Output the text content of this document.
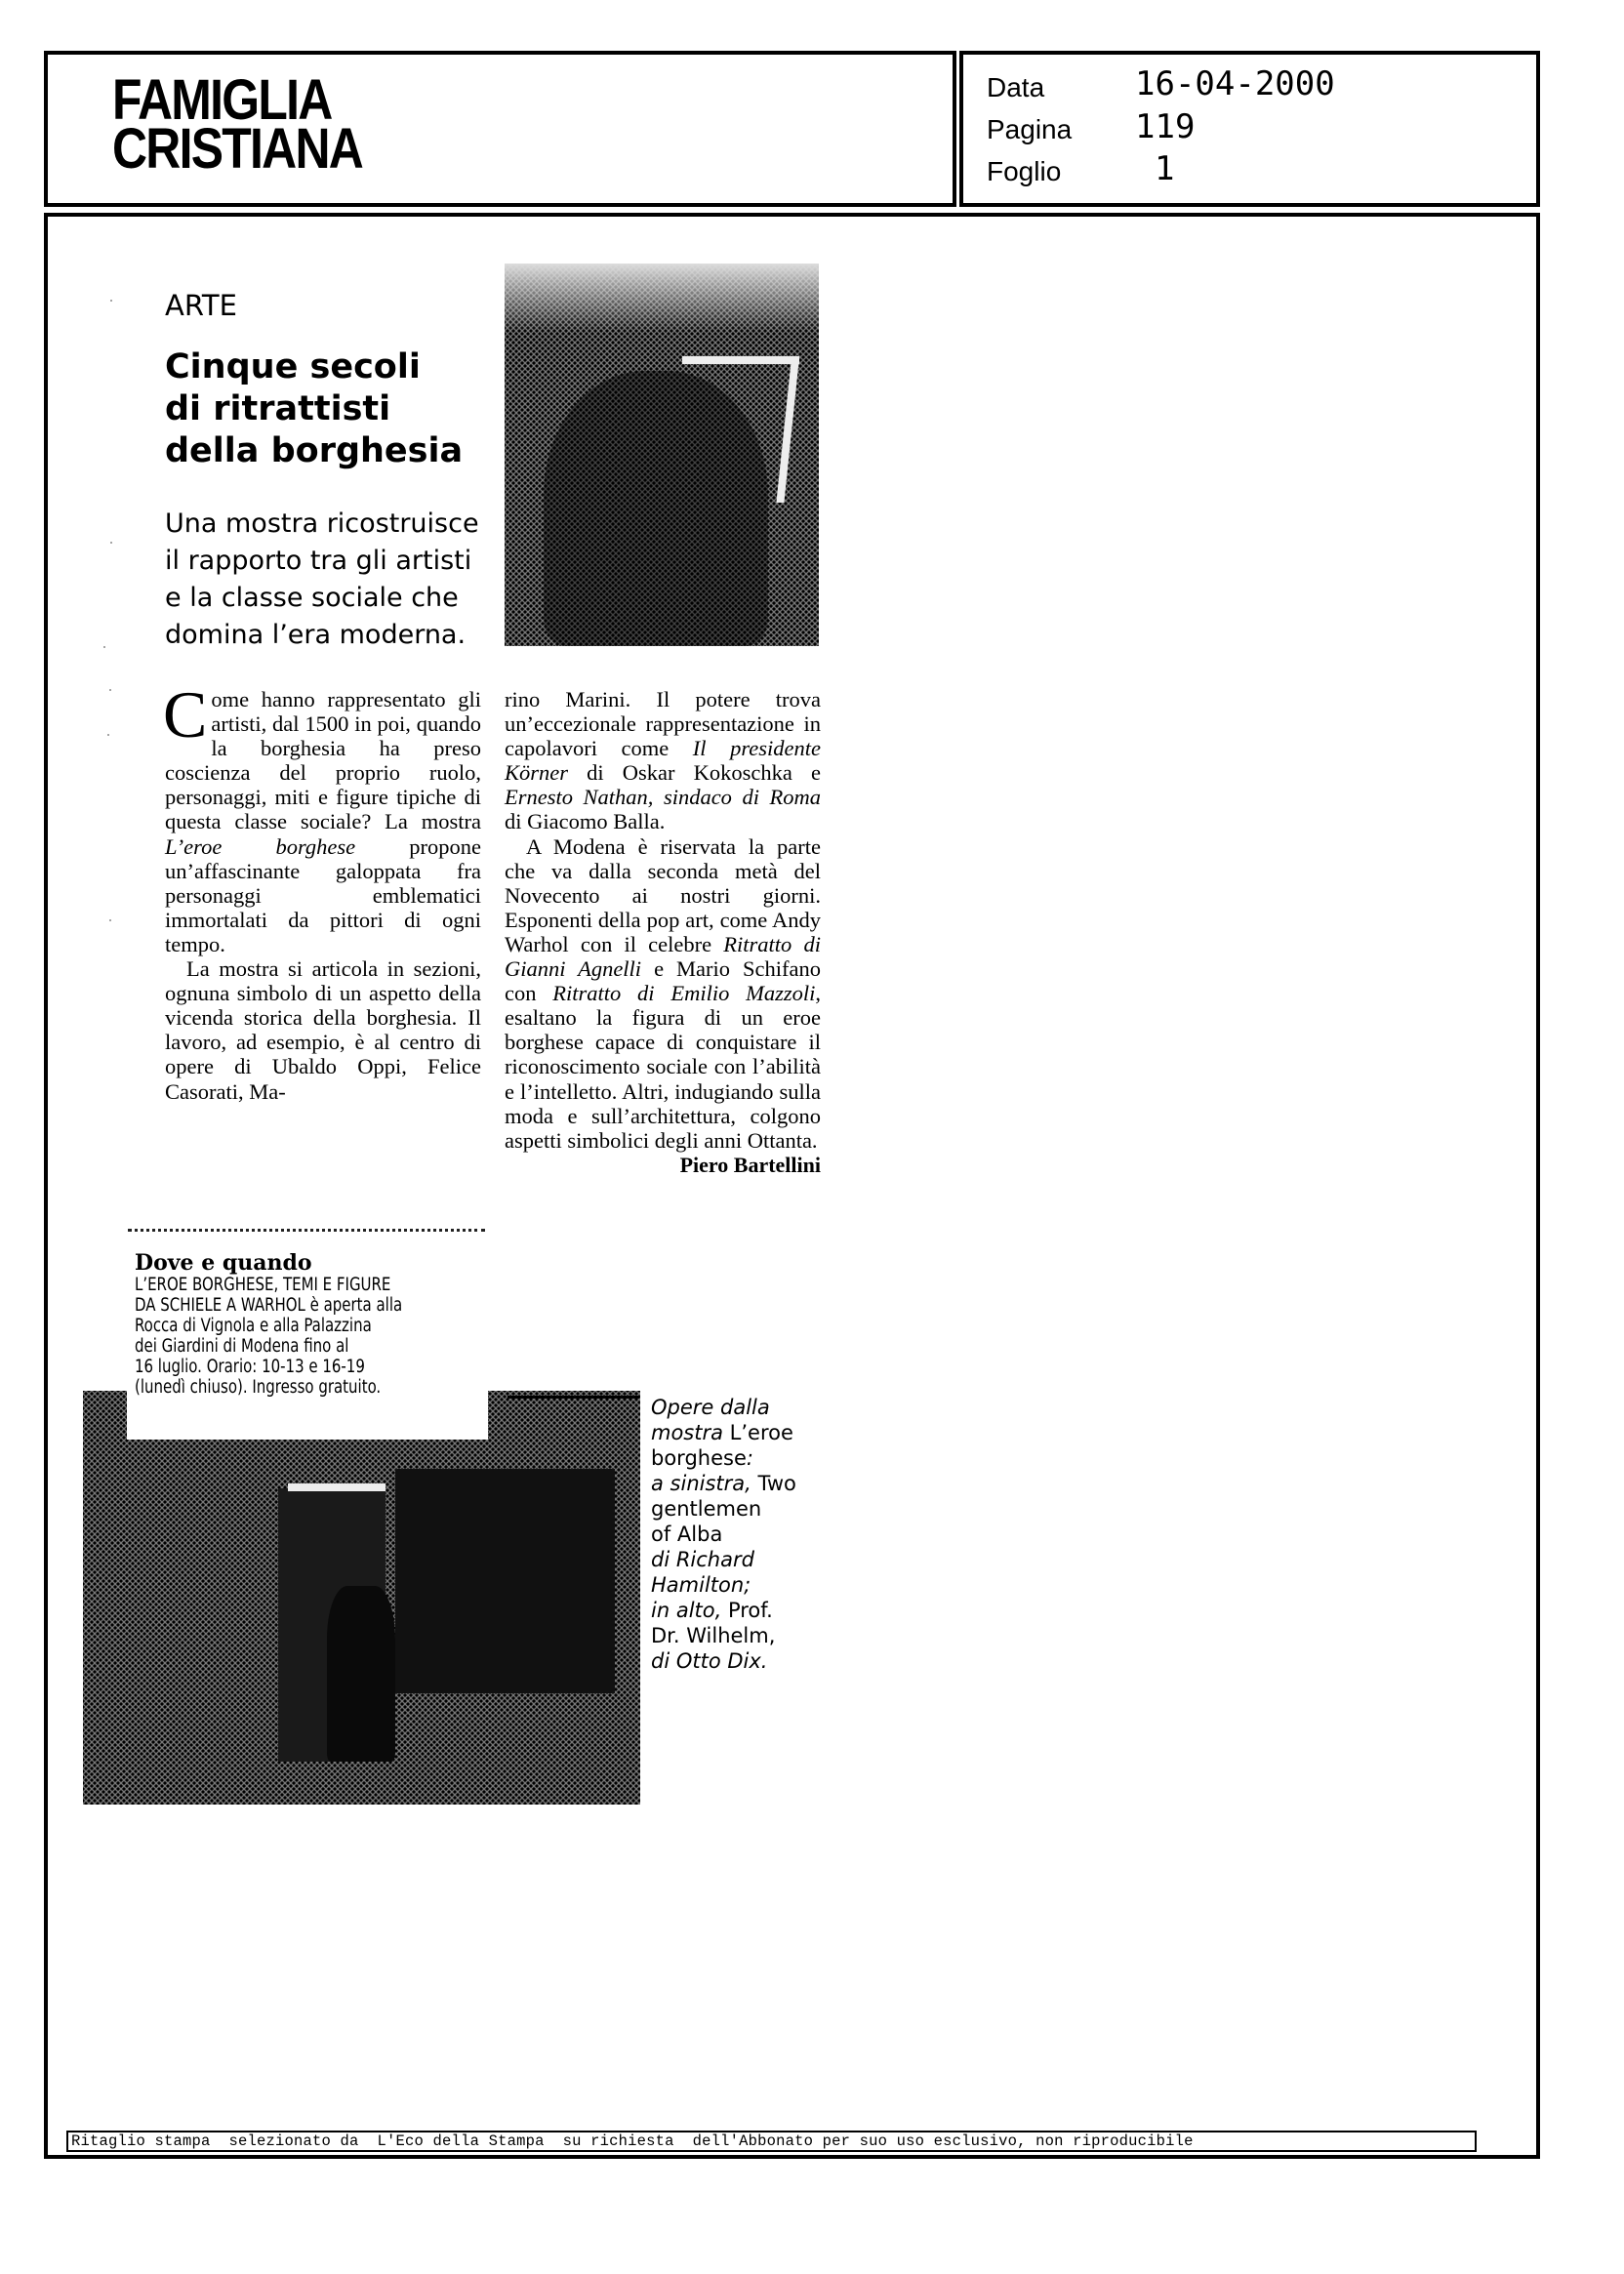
FAMIGLIA
CRISTIANA
Data	16-04-2000
Pagina 119
Foglio	1
ARTE
Cinque secoli
di ritrattisti
della borghesia
Una mostra ricostruisce
il rapporto tra gli artisti
e la classe sociale che
domina l’era moderna.

Come hanno rappresentato gli artisti, dal 1500 in poi, quando la borghesia ha preso coscienza del proprio ruolo, personaggi, miti e figure tipiche di questa classe sociale? La mostra L’eroe borghese propone un’affascinante galoppata fra personaggi emblematici immortalati da pittori di ogni tempo.

La mostra si articola in sezioni, ognuna simbolo di un aspetto della vicenda storica della borghesia. Il lavoro, ad esempio, è al centro di opere di Ubaldo Oppi, Felice Casorati, Ma-

Dove e quando
L’EROE BORGHESE, TEMI E FIGURE
DA SCHIELE A WARHOL è aperta alla
Rocca di Vignola e alla Palazzina
dei Giardini di Modena fino al
16 luglio. Orario: 10-13 e 16-19
(lunedì chiuso). Ingresso gratuito.

rino Marini. Il potere trova un’eccezionale rappresentazione in capolavori come Il presidente Körner di Oskar Kokoschka e Ernesto Nathan, sindaco di Roma di Giacomo Balla.

A Modena è riservata la parte che va dalla seconda metà del Novecento ai nostri giorni. Esponenti della pop art, come Andy Warhol con il celebre Ritratto di Gianni Agnelli e Mario Schifano con Ritratto di Emilio Mazzoli, esaltano la figura di un eroe borghese capace di conquistare il riconoscimento sociale con l’abilità e l’intelletto. Altri, indugiando sulla moda e sull’architettura, colgono aspetti simbolici degli anni Ottanta.

Piero Bartellini
Opere dalla
mostra L’eroe
borghese:
a sinistra, Two
gentlemen
of Alba
di Richard
Hamilton;
in alto, Prof.
Dr. Wilhelm,
di Otto Dix.
Ritaglio stampa  selezionato da  L'Eco della Stampa  su richiesta  dell'Abbonato per suo uso esclusivo, non riproducibile
